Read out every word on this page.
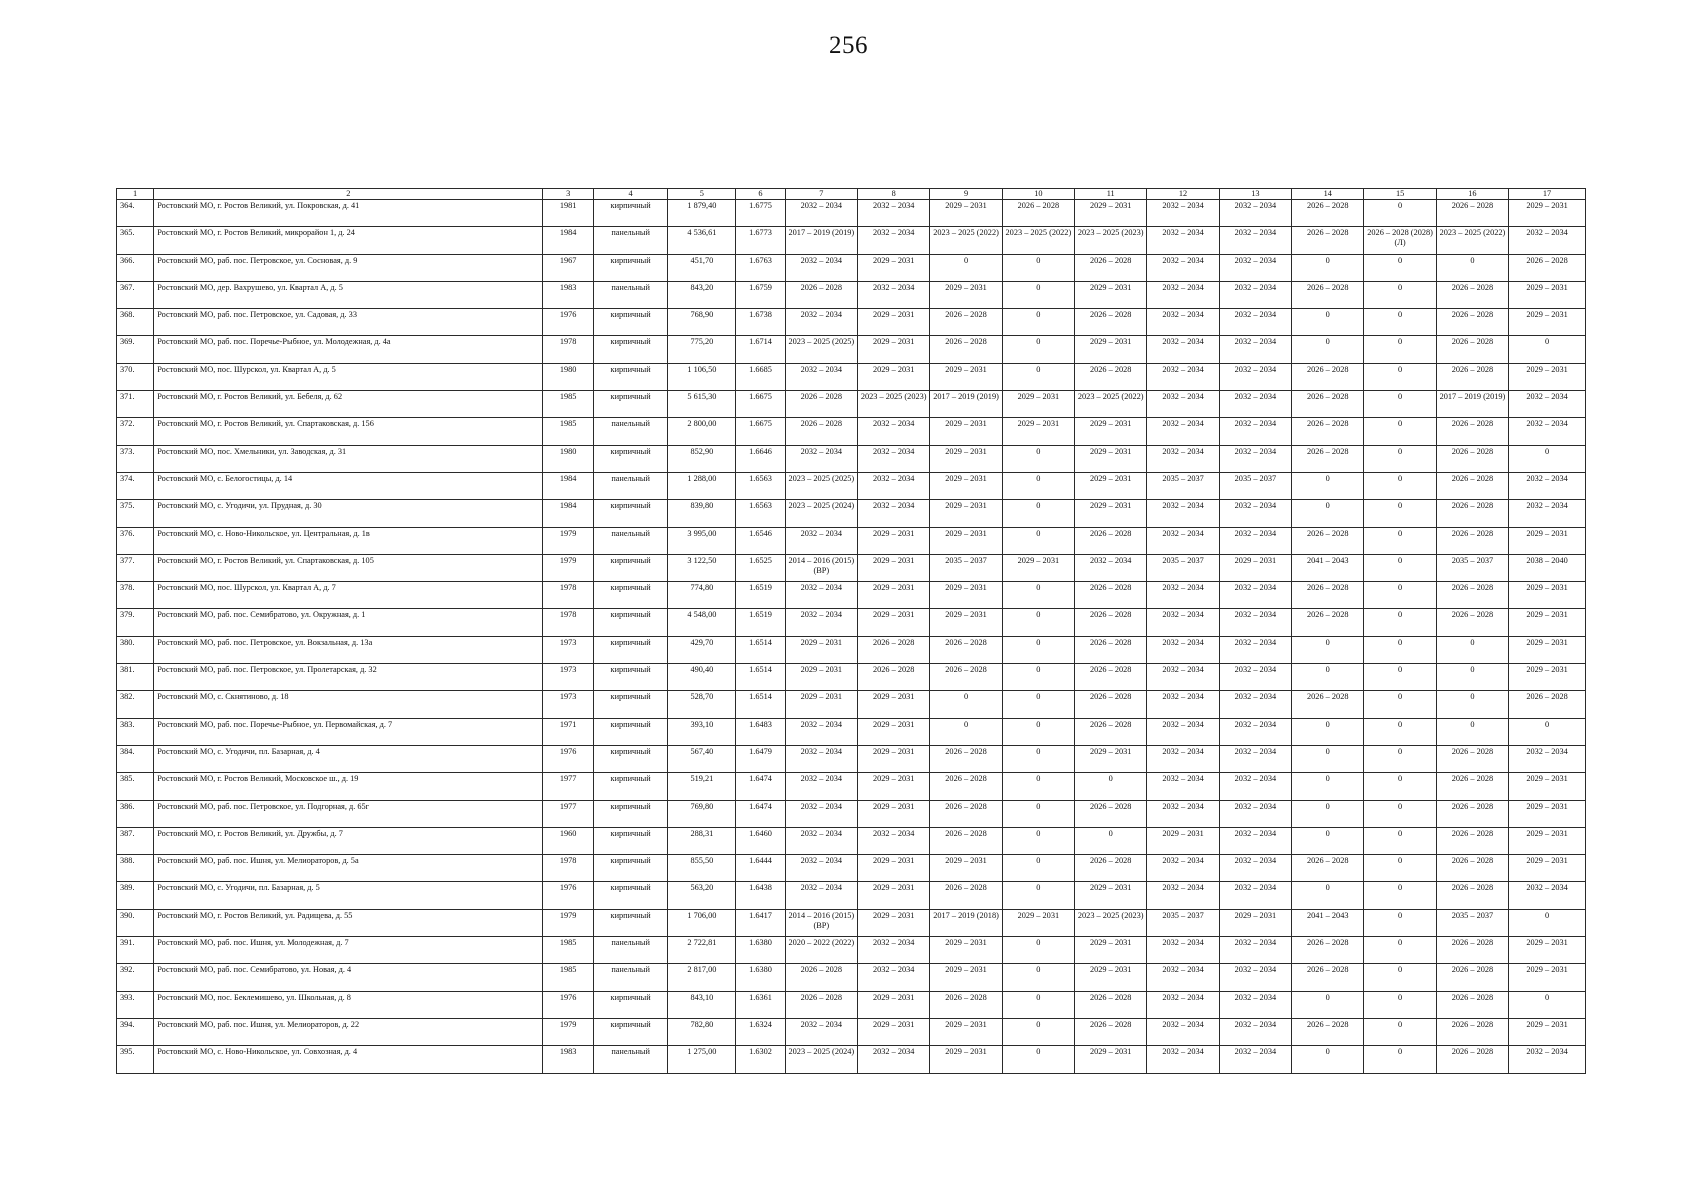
256
1	2	3	4	5	6	7	8	9	10	11	12	13	14	15	16	17
364.	Ростовский МО, г. Ростов Великий, ул. Покровская, д. 41	1981	кирпичный	1 879,40	1.6775	2032 – 2034	2032 – 2034	2029 – 2031	2026 – 2028	2029 – 2031	2032 – 2034	2032 – 2034	2026 – 2028	0	2026 – 2028	2029 – 2031
365.	Ростовский МО, г. Ростов Великий, микрорайон 1, д. 24	1984	панельный	4 536,61	1.6773	2017 – 2019 (2019)	2032 – 2034	2023 – 2025 (2022)	2023 – 2025 (2022)	2023 – 2025 (2023)	2032 – 2034	2032 – 2034	2026 – 2028	2026 – 2028 (2028) (Л)	2023 – 2025 (2022)	2032 – 2034
366.	Ростовский МО, раб. пос. Петровское, ул. Сосновая, д. 9	1967	кирпичный	451,70	1.6763	2032 – 2034	2029 – 2031	0	0	2026 – 2028	2032 – 2034	2032 – 2034	0	0	0	2026 – 2028
367.	Ростовский МО, дер. Вахрушево, ул. Квартал А, д. 5	1983	панельный	843,20	1.6759	2026 – 2028	2032 – 2034	2029 – 2031	0	2029 – 2031	2032 – 2034	2032 – 2034	2026 – 2028	0	2026 – 2028	2029 – 2031
368.	Ростовский МО, раб. пос. Петровское, ул. Садовая, д. 33	1976	кирпичный	768,90	1.6738	2032 – 2034	2029 – 2031	2026 – 2028	0	2026 – 2028	2032 – 2034	2032 – 2034	0	0	2026 – 2028	2029 – 2031
369.	Ростовский МО, раб. пос. Поречье-Рыбное, ул. Молодежная, д. 4а	1978	кирпичный	775,20	1.6714	2023 – 2025 (2025)	2029 – 2031	2026 – 2028	0	2029 – 2031	2032 – 2034	2032 – 2034	0	0	2026 – 2028	0
370.	Ростовский МО, пос. Шурскол, ул. Квартал А, д. 5	1980	кирпичный	1 106,50	1.6685	2032 – 2034	2029 – 2031	2029 – 2031	0	2026 – 2028	2032 – 2034	2032 – 2034	2026 – 2028	0	2026 – 2028	2029 – 2031
371.	Ростовский МО, г. Ростов Великий, ул. Бебеля, д. 62	1985	кирпичный	5 615,30	1.6675	2026 – 2028	2023 – 2025 (2023)	2017 – 2019 (2019)	2029 – 2031	2023 – 2025 (2022)	2032 – 2034	2032 – 2034	2026 – 2028	0	2017 – 2019 (2019)	2032 – 2034
372.	Ростовский МО, г. Ростов Великий, ул. Спартаковская, д. 156	1985	панельный	2 800,00	1.6675	2026 – 2028	2032 – 2034	2029 – 2031	2029 – 2031	2029 – 2031	2032 – 2034	2032 – 2034	2026 – 2028	0	2026 – 2028	2032 – 2034
373.	Ростовский МО, пос. Хмельники, ул. Заводская, д. 31	1980	кирпичный	852,90	1.6646	2032 – 2034	2032 – 2034	2029 – 2031	0	2029 – 2031	2032 – 2034	2032 – 2034	2026 – 2028	0	2026 – 2028	0
374.	Ростовский МО, с. Белогостицы, д. 14	1984	панельный	1 288,00	1.6563	2023 – 2025 (2025)	2032 – 2034	2029 – 2031	0	2029 – 2031	2035 – 2037	2035 – 2037	0	0	2026 – 2028	2032 – 2034
375.	Ростовский МО, с. Угодичи, ул. Прудная, д. 30	1984	кирпичный	839,80	1.6563	2023 – 2025 (2024)	2032 – 2034	2029 – 2031	0	2029 – 2031	2032 – 2034	2032 – 2034	0	0	2026 – 2028	2032 – 2034
376.	Ростовский МО, с. Ново-Никольское, ул. Центральная, д. 1в	1979	панельный	3 995,00	1.6546	2032 – 2034	2029 – 2031	2029 – 2031	0	2026 – 2028	2032 – 2034	2032 – 2034	2026 – 2028	0	2026 – 2028	2029 – 2031
377.	Ростовский МО, г. Ростов Великий, ул. Спартаковская, д. 105	1979	кирпичный	3 122,50	1.6525	2014 – 2016 (2015) (ВР)	2029 – 2031	2035 – 2037	2029 – 2031	2032 – 2034	2035 – 2037	2029 – 2031	2041 – 2043	0	2035 – 2037	2038 – 2040
378.	Ростовский МО, пос. Шурскол, ул. Квартал А, д. 7	1978	кирпичный	774,80	1.6519	2032 – 2034	2029 – 2031	2029 – 2031	0	2026 – 2028	2032 – 2034	2032 – 2034	2026 – 2028	0	2026 – 2028	2029 – 2031
379.	Ростовский МО, раб. пос. Семибратово, ул. Окружная, д. 1	1978	кирпичный	4 548,00	1.6519	2032 – 2034	2029 – 2031	2029 – 2031	0	2026 – 2028	2032 – 2034	2032 – 2034	2026 – 2028	0	2026 – 2028	2029 – 2031
380.	Ростовский МО, раб. пос. Петровское, ул. Вокзальная, д. 13а	1973	кирпичный	429,70	1.6514	2029 – 2031	2026 – 2028	2026 – 2028	0	2026 – 2028	2032 – 2034	2032 – 2034	0	0	0	2029 – 2031
381.	Ростовский МО, раб. пос. Петровское, ул. Пролетарская, д. 32	1973	кирпичный	490,40	1.6514	2029 – 2031	2026 – 2028	2026 – 2028	0	2026 – 2028	2032 – 2034	2032 – 2034	0	0	0	2029 – 2031
382.	Ростовский МО, с. Скнятиново, д. 18	1973	кирпичный	528,70	1.6514	2029 – 2031	2029 – 2031	0	0	2026 – 2028	2032 – 2034	2032 – 2034	2026 – 2028	0	0	2026 – 2028
383.	Ростовский МО, раб. пос. Поречье-Рыбное, ул. Первомайская, д. 7	1971	кирпичный	393,10	1.6483	2032 – 2034	2029 – 2031	0	0	2026 – 2028	2032 – 2034	2032 – 2034	0	0	0	0
384.	Ростовский МО, с. Угодичи, пл. Базарная, д. 4	1976	кирпичный	567,40	1.6479	2032 – 2034	2029 – 2031	2026 – 2028	0	2029 – 2031	2032 – 2034	2032 – 2034	0	0	2026 – 2028	2032 – 2034
385.	Ростовский МО, г. Ростов Великий, Московское ш., д. 19	1977	кирпичный	519,21	1.6474	2032 – 2034	2029 – 2031	2026 – 2028	0	0	2032 – 2034	2032 – 2034	0	0	2026 – 2028	2029 – 2031
386.	Ростовский МО, раб. пос. Петровское, ул. Подгорная, д. 65г	1977	кирпичный	769,80	1.6474	2032 – 2034	2029 – 2031	2026 – 2028	0	2026 – 2028	2032 – 2034	2032 – 2034	0	0	2026 – 2028	2029 – 2031
387.	Ростовский МО, г. Ростов Великий, ул. Дружбы, д. 7	1960	кирпичный	288,31	1.6460	2032 – 2034	2032 – 2034	2026 – 2028	0	0	2029 – 2031	2032 – 2034	0	0	2026 – 2028	2029 – 2031
388.	Ростовский МО, раб. пос. Ишня, ул. Мелиораторов, д. 5а	1978	кирпичный	855,50	1.6444	2032 – 2034	2029 – 2031	2029 – 2031	0	2026 – 2028	2032 – 2034	2032 – 2034	2026 – 2028	0	2026 – 2028	2029 – 2031
389.	Ростовский МО, с. Угодичи, пл. Базарная, д. 5	1976	кирпичный	563,20	1.6438	2032 – 2034	2029 – 2031	2026 – 2028	0	2029 – 2031	2032 – 2034	2032 – 2034	0	0	2026 – 2028	2032 – 2034
390.	Ростовский МО, г. Ростов Великий, ул. Радищева, д. 55	1979	кирпичный	1 706,00	1.6417	2014 – 2016 (2015) (ВР)	2029 – 2031	2017 – 2019 (2018)	2029 – 2031	2023 – 2025 (2023)	2035 – 2037	2029 – 2031	2041 – 2043	0	2035 – 2037	0
391.	Ростовский МО, раб. пос. Ишня, ул. Молодежная, д. 7	1985	панельный	2 722,81	1.6380	2020 – 2022 (2022)	2032 – 2034	2029 – 2031	0	2029 – 2031	2032 – 2034	2032 – 2034	2026 – 2028	0	2026 – 2028	2029 – 2031
392.	Ростовский МО, раб. пос. Семибратово, ул. Новая, д. 4	1985	панельный	2 817,00	1.6380	2026 – 2028	2032 – 2034	2029 – 2031	0	2029 – 2031	2032 – 2034	2032 – 2034	2026 – 2028	0	2026 – 2028	2029 – 2031
393.	Ростовский МО, пос. Беклемишево, ул. Школьная, д. 8	1976	кирпичный	843,10	1.6361	2026 – 2028	2029 – 2031	2026 – 2028	0	2026 – 2028	2032 – 2034	2032 – 2034	0	0	2026 – 2028	0
394.	Ростовский МО, раб. пос. Ишня, ул. Мелиораторов, д. 22	1979	кирпичный	782,80	1.6324	2032 – 2034	2029 – 2031	2029 – 2031	0	2026 – 2028	2032 – 2034	2032 – 2034	2026 – 2028	0	2026 – 2028	2029 – 2031
395.	Ростовский МО, с. Ново-Никольское, ул. Совхозная, д. 4	1983	панельный	1 275,00	1.6302	2023 – 2025 (2024)	2032 – 2034	2029 – 2031	0	2029 – 2031	2032 – 2034	2032 – 2034	0	0	2026 – 2028	2032 – 2034
